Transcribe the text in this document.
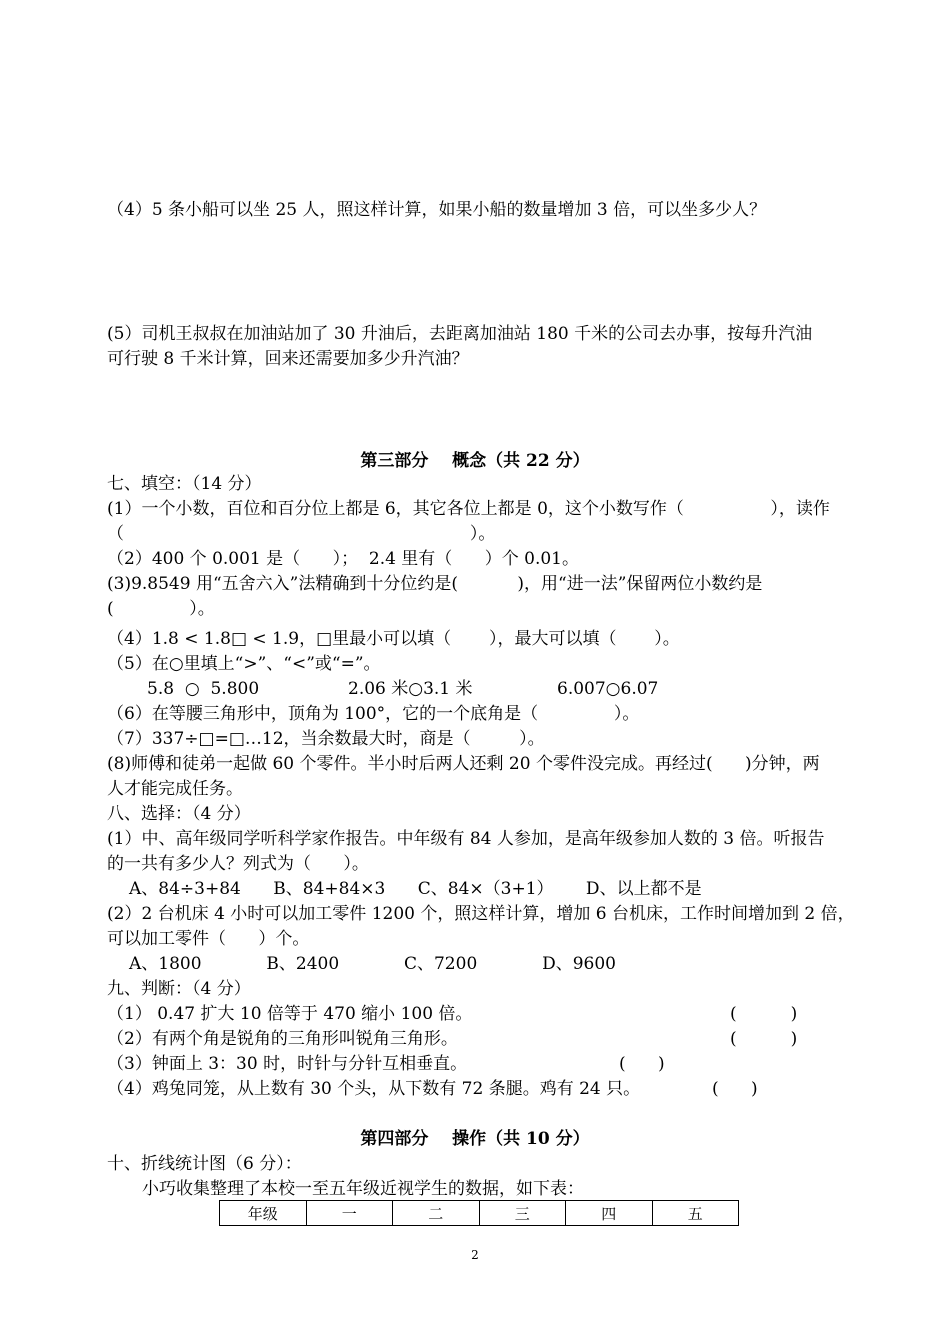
（4）5 条小船可以坐 25 人，照这样计算，如果小船的数量增加 3 倍，可以坐多少人？
(5）司机王叔叔在加油站加了 30 升油后，去距离加油站 180 千米的公司去办事，按每升汽油
可行驶 8 千米计算，回来还需要加多少升汽油？
第三部分    概念（共 22 分）
七、填空：（14 分）
(1）一个小数，百位和百分位上都是 6，其它各位上都是 0，这个小数写作（                ），读作
（                                                                ）。
（2）400 个 0.001 是（      ）；  2.4 里有（      ）个 0.01。
(3)9.8549 用“五舍六入”法精确到十分位约是(           )，用“进一法”保留两位小数约是
(              ）。
（4）1.8 < 1.8□ < 1.9，□里最小可以填（       ），最大可以填（       ）。
（5）在○里填上“>”、“<”或“=”。
5.8  ○  5.800	2.06 米○3.1 米	6.007○6.07
（6）在等腰三角形中，顶角为 100°，它的一个底角是（              ）。
（7）337÷□=□…12，当余数最大时，商是（         ）。
(8)师傅和徒弟一起做 60 个零件。半小时后两人还剩 20 个零件没完成。再经过(      )分钟，两
人才能完成任务。
八、选择：（4 分）
(1）中、高年级同学听科学家作报告。中年级有 84 人参加，是高年级参加人数的 3 倍。听报告
的一共有多少人？列式为（      ）。
A、84÷3+84      B、84+84×3      C、84×（3+1）      D、以上都不是
(2）2 台机床 4 小时可以加工零件 1200 个，照这样计算，增加 6 台机床，工作时间增加到 2 倍，
可以加工零件（      ）个。
A、1800            B、2400            C、7200            D、9600
九、判断：（4 分）
（1） 0.47 扩大 10 倍等于 470 缩小 100 倍。	(          )
（2）有两个角是锐角的三角形叫锐角三角形。	(          )
（3）钟面上 3：30 时，时针与分针互相垂直。	(      )
（4）鸡兔同笼，从上数有 30 个头，从下数有 72 条腿。鸡有 24 只。	(      )
第四部分    操作（共 10 分）
十、折线统计图（6 分）：
小巧收集整理了本校一至五年级近视学生的数据，如下表：
年级	一	二	三	四	五
2
